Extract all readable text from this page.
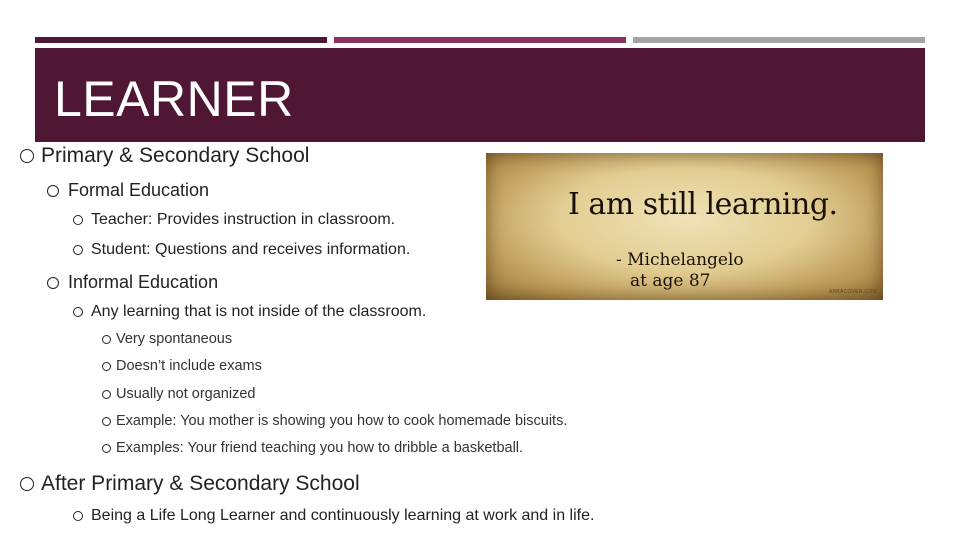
LEARNER
I am still learning.
- Michelangelo
at age 87
ABBACOVER.COM
Primary & Secondary School
Formal Education
Teacher: Provides instruction in classroom.
Student: Questions and receives information.
Informal Education
Any learning that is not inside of the classroom.
Very spontaneous
Doesn’t include exams
Usually not organized
Example: You mother is showing you how to cook homemade biscuits.
Examples: Your friend teaching you how to dribble a basketball.
After Primary & Secondary School
Being a Life Long Learner and continuously learning at work and in life.
